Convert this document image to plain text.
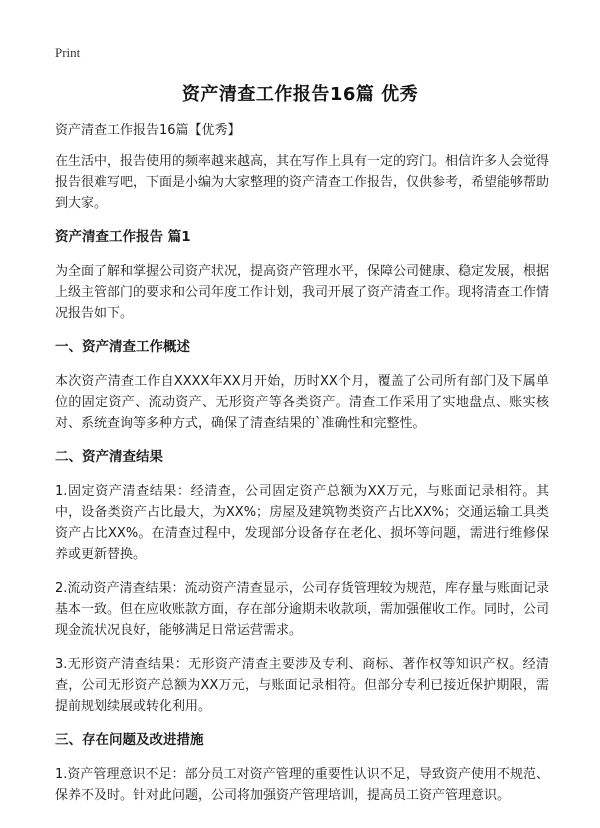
Print
资产清查工作报告16篇 优秀

资产清查工作报告16篇【优秀】

在生活中，报告使用的频率越来越高，其在写作上具有一定的窍门。相信许多人会觉得报告很难写吧，下面是小编为大家整理的资产清查工作报告，仅供参考，希望能够帮助到大家。

资产清查工作报告 篇1

为全面了解和掌握公司资产状况，提高资产管理水平，保障公司健康、稳定发展，根据上级主管部门的要求和公司年度工作计划，我司开展了资产清查工作。现将清查工作情况报告如下。

一、资产清查工作概述

本次资产清查工作自XXXX年XX月开始，历时XX个月，覆盖了公司所有部门及下属单位的固定资产、流动资产、无形资产等各类资产。清查工作采用了实地盘点、账实核对、系统查询等多种方式，确保了清查结果的`准确性和完整性。

二、资产清查结果

1.固定资产清查结果：经清查，公司固定资产总额为XX万元，与账面记录相符。其中，设备类资产占比最大，为XX%；房屋及建筑物类资产占比XX%；交通运输工具类资产占比XX%。在清查过程中，发现部分设备存在老化、损坏等问题，需进行维修保养或更新替换。

2.流动资产清查结果：流动资产清查显示，公司存货管理较为规范，库存量与账面记录基本一致。但在应收账款方面，存在部分逾期未收款项，需加强催收工作。同时，公司现金流状况良好，能够满足日常运营需求。

3.无形资产清查结果：无形资产清查主要涉及专利、商标、著作权等知识产权。经清查，公司无形资产总额为XX万元，与账面记录相符。但部分专利已接近保护期限，需提前规划续展或转化利用。

三、存在问题及改进措施

1.资产管理意识不足：部分员工对资产管理的重要性认识不足，导致资产使用不规范、保养不及时。针对此问题，公司将加强资产管理培训，提高员工资产管理意识。
